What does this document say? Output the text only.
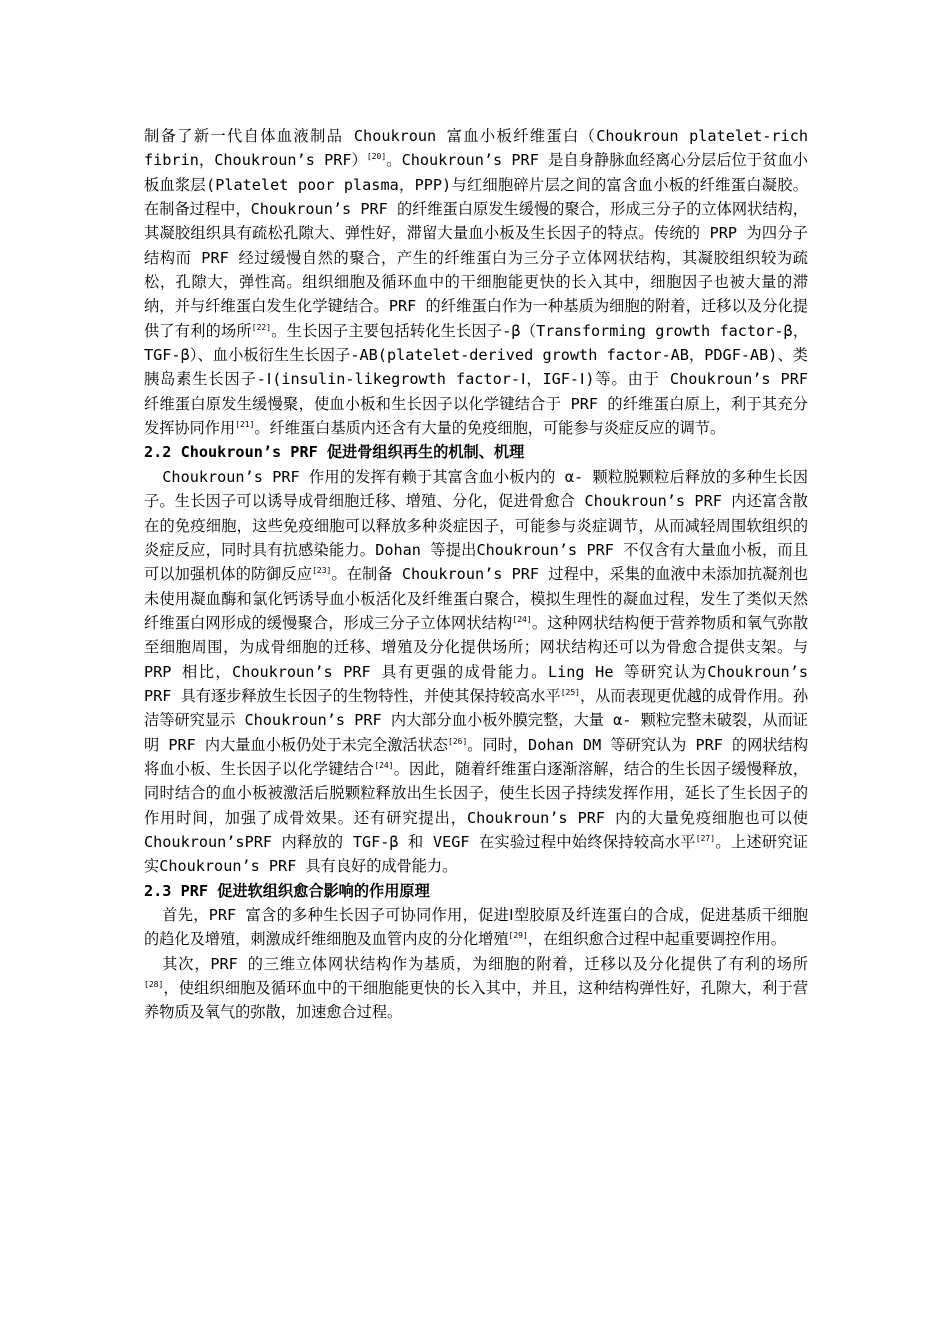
制备了新一代自体血液制品 Choukroun 富血小板纤维蛋白（Choukroun platelet-rich fibrin，Choukroun’s PRF）[20]。Choukroun’s PRF 是自身静脉血经离心分层后位于贫血小板血浆层(Platelet poor plasma，PPP)与红细胞碎片层之间的富含血小板的纤维蛋白凝胶。在制备过程中，Choukroun’s PRF 的纤维蛋白原发生缓慢的聚合，形成三分子的立体网状结构，其凝胶组织具有疏松孔隙大、弹性好，滞留大量血小板及生长因子的特点。传统的 PRP 为四分子结构而 PRF 经过缓慢自然的聚合，产生的纤维蛋白为三分子立体网状结构，其凝胶组织较为疏松，孔隙大，弹性高。组织细胞及循环血中的干细胞能更快的长入其中，细胞因子也被大量的滞纳，并与纤维蛋白发生化学键结合。PRF 的纤维蛋白作为一种基质为细胞的附着，迁移以及分化提供了有利的场所[22]。生长因子主要包括转化生长因子-β（Transforming growth factor-β，TGF-β）、血小板衍生生长因子-AB(platelet-derived growth factor-AB，PDGF-AB)、类胰岛素生长因子-Ⅰ(insulin-likegrowth factor-Ⅰ，IGF-Ⅰ)等。由于 Choukroun’s PRF 纤维蛋白原发生缓慢聚，使血小板和生长因子以化学键结合于 PRF 的纤维蛋白原上，利于其充分发挥协同作用[21]。纤维蛋白基质内还含有大量的免疫细胞，可能参与炎症反应的调节。

2.2 Choukroun’s PRF 促进骨组织再生的机制、机理

Choukroun’s PRF 作用的发挥有赖于其富含血小板内的 α- 颗粒脱颗粒后释放的多种生长因子。生长因子可以诱导成骨细胞迁移、增殖、分化，促进骨愈合 Choukroun’s PRF 内还富含散在的免疫细胞，这些免疫细胞可以释放多种炎症因子，可能参与炎症调节，从而减轻周围软组织的炎症反应，同时具有抗感染能力。Dohan 等提出Choukroun’s PRF 不仅含有大量血小板，而且可以加强机体的防御反应[23]。在制备 Choukroun’s PRF 过程中，采集的血液中未添加抗凝剂也未使用凝血酶和氯化钙诱导血小板活化及纤维蛋白聚合，模拟生理性的凝血过程，发生了类似天然纤维蛋白网形成的缓慢聚合，形成三分子立体网状结构[24]。这种网状结构便于营养物质和氧气弥散至细胞周围，为成骨细胞的迁移、增殖及分化提供场所；网状结构还可以为骨愈合提供支架。与 PRP 相比，Choukroun’s PRF 具有更强的成骨能力。Ling He 等研究认为Choukroun’s PRF 具有逐步释放生长因子的生物特性，并使其保持较高水平[25]，从而表现更优越的成骨作用。孙洁等研究显示 Choukroun’s PRF 内大部分血小板外膜完整，大量 α- 颗粒完整未破裂，从而证明 PRF 内大量血小板仍处于未完全激活状态[26]。同时，Dohan DM 等研究认为 PRF 的网状结构将血小板、生长因子以化学键结合[24]。因此，随着纤维蛋白逐渐溶解，结合的生长因子缓慢释放，同时结合的血小板被激活后脱颗粒释放出生长因子，使生长因子持续发挥作用，延长了生长因子的作用时间，加强了成骨效果。还有研究提出，Choukroun’s PRF 内的大量免疫细胞也可以使 Choukroun’sPRF 内释放的 TGF-β 和 VEGF 在实验过程中始终保持较高水平[27]。上述研究证实Choukroun’s PRF 具有良好的成骨能力。

2.3 PRF 促进软组织愈合影响的作用原理

首先，PRF 富含的多种生长因子可协同作用，促进Ⅰ型胶原及纤连蛋白的合成，促进基质干细胞的趋化及增殖，刺激成纤维细胞及血管内皮的分化增殖[29]，在组织愈合过程中起重要调控作用。

其次，PRF 的三维立体网状结构作为基质，为细胞的附着，迁移以及分化提供了有利的场所[28]，使组织细胞及循环血中的干细胞能更快的长入其中，并且，这种结构弹性好，孔隙大，利于营养物质及氧气的弥散，加速愈合过程。
